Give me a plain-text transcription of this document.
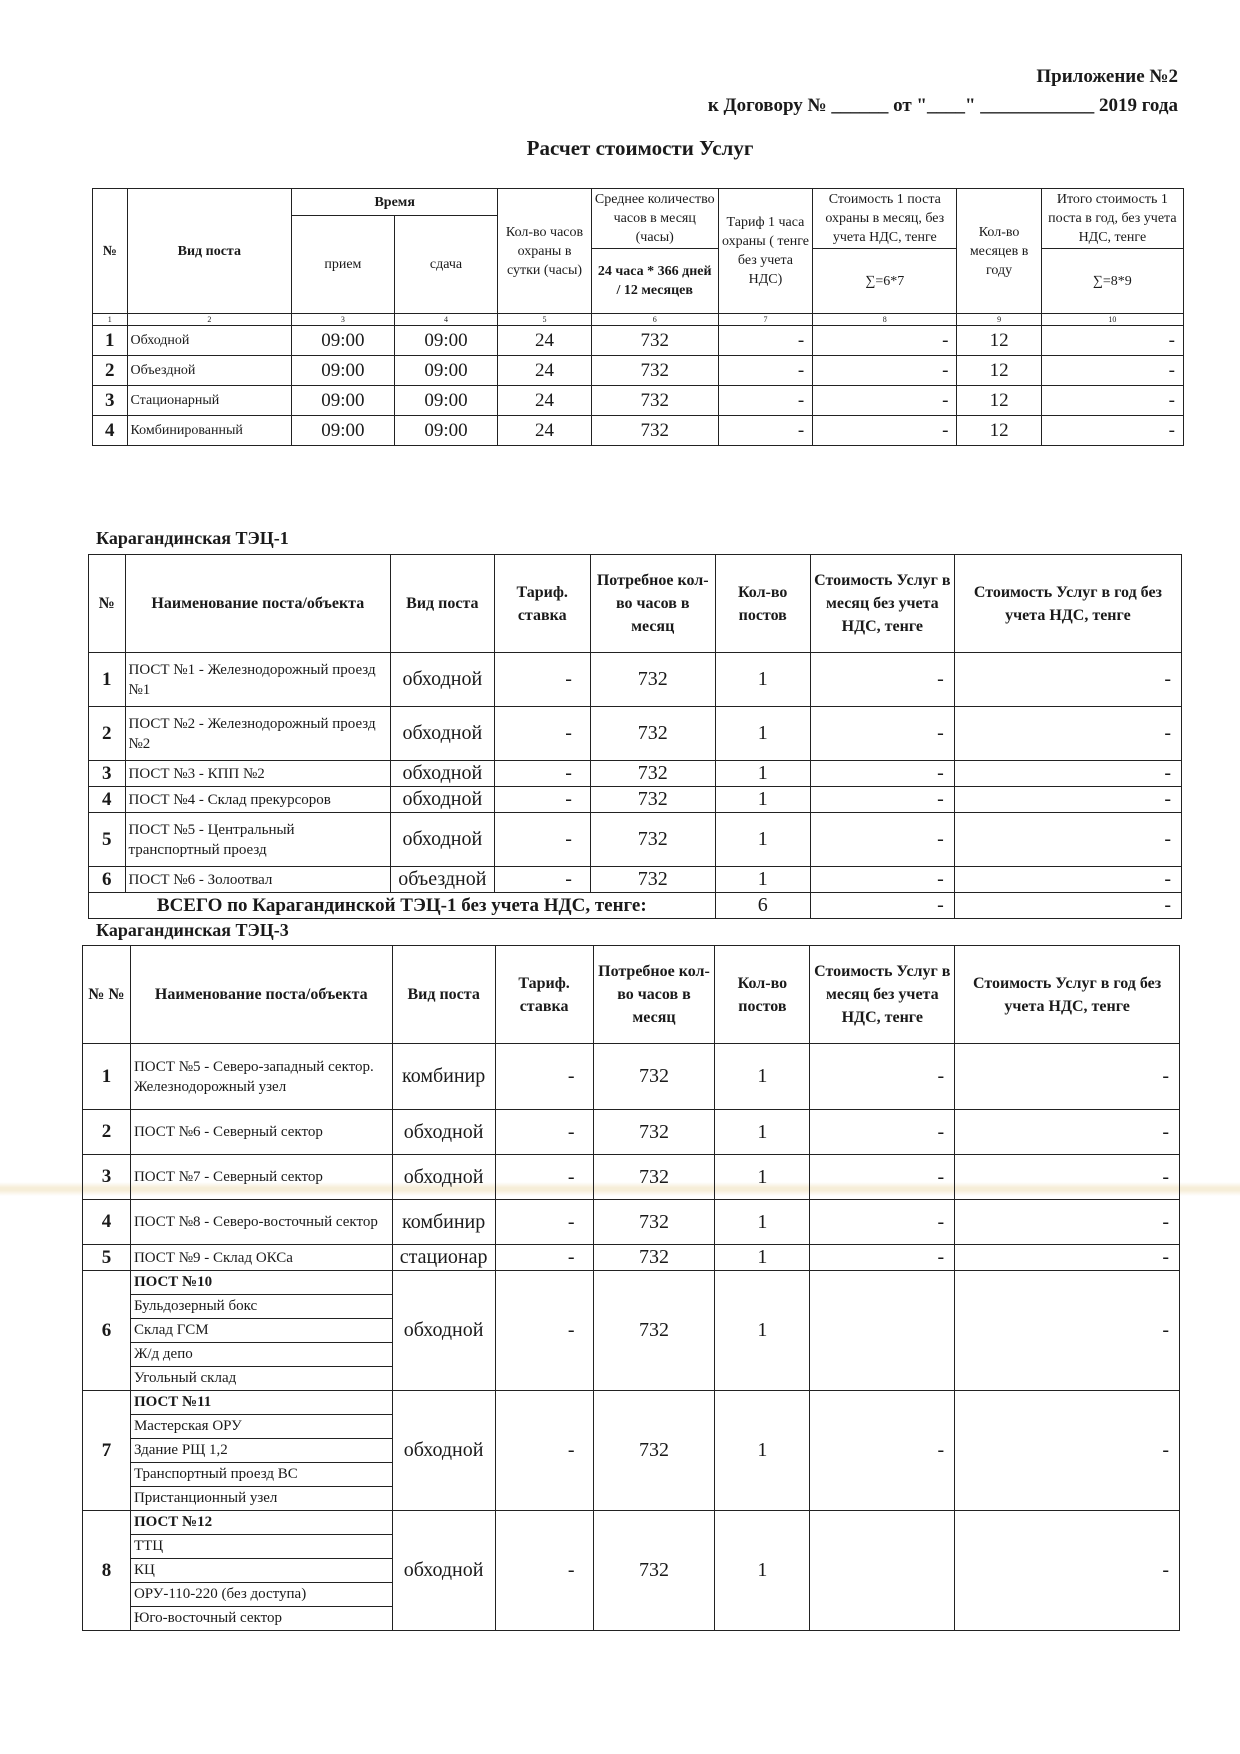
Приложение №2
к Договору № ______ от "____" ____________ 2019 года
Расчет стоимости Услуг
№	Вид поста	Время		Кол-во часов охраны в сутки (часы)	Среднее количество часов в месяц (часы)	Тариф 1 часа охраны ( тенге без учета НДС)	Стоимость 1 поста охраны в месяц, без учета НДС, тенге	Кол-во месяцев в году	Итого стоимость 1 поста в год, без учета НДС, тенге
		прием	сдача						
					24 часа * 366 дней / 12 месяцев		∑=6*7		∑=8*9
1	2	3	4	5	6	7	8	9	10
1	Обходной	09:00	09:00	24	732	-	-	12	-
2	Объездной	09:00	09:00	24	732	-	-	12	-
3	Стационарный	09:00	09:00	24	732	-	-	12	-
4	Комбинированный	09:00	09:00	24	732	-	-	12	-
Карагандинская ТЭЦ-1
№	Наименование поста/объекта	Вид поста	Тариф. ставка	Потребное кол-во часов в месяц	Кол-во постов	Стоимость Услуг в месяц без учета НДС, тенге	Стоимость Услуг в год без учета НДС, тенге
1	ПОСТ №1 - Железнодорожный проезд №1	обходной	-	732	1	-	-
2	ПОСТ №2 - Железнодорожный проезд №2	обходной	-	732	1	-	-
3	ПОСТ №3 - КПП №2	обходной	-	732	1	-	-
4	ПОСТ №4 - Склад прекурсоров	обходной	-	732	1	-	-
5	ПОСТ №5 - Центральный транспортный проезд	обходной	-	732	1	-	-
6	ПОСТ №6 - Золоотвал	объездной	-	732	1	-	-
ВСЕГО по Карагандинской ТЭЦ-1 без учета НДС, тенге:					6	-	-
Карагандинская ТЭЦ-3
№ №	Наименование поста/объекта	Вид поста	Тариф. ставка	Потребное кол-во часов в месяц	Кол-во постов	Стоимость Услуг в месяц без учета НДС, тенге	Стоимость Услуг в год без учета НДС, тенге
1	ПОСТ №5 - Северо-западный сектор. Железнодорожный узел	комбинир	-	732	1	-	-
2	ПОСТ №6 - Северный сектор	обходной	-	732	1	-	-
3	ПОСТ №7 - Северный сектор	обходной	-	732	1	-	-
4	ПОСТ №8 - Северо-восточный сектор	комбинир	-	732	1	-	-
5	ПОСТ №9 - Склад ОКСа	стационар	-	732	1	-	-
6	ПОСТ №10	обходной	-	732	1		-
	Бульдозерный бокс						
	Склад ГСМ						
	Ж/д депо						
	Угольный склад						
7	ПОСТ №11	обходной	-	732	1	-	-
	Мастерская ОРУ						
	Здание РЩ 1,2						
	Транспортный проезд ВС						
	Пристанционный узел						
8	ПОСТ №12	обходной	-	732	1		-
	ТТЦ						
	КЦ						
	ОРУ-110-220 (без доступа)						
	Юго-восточный сектор						
